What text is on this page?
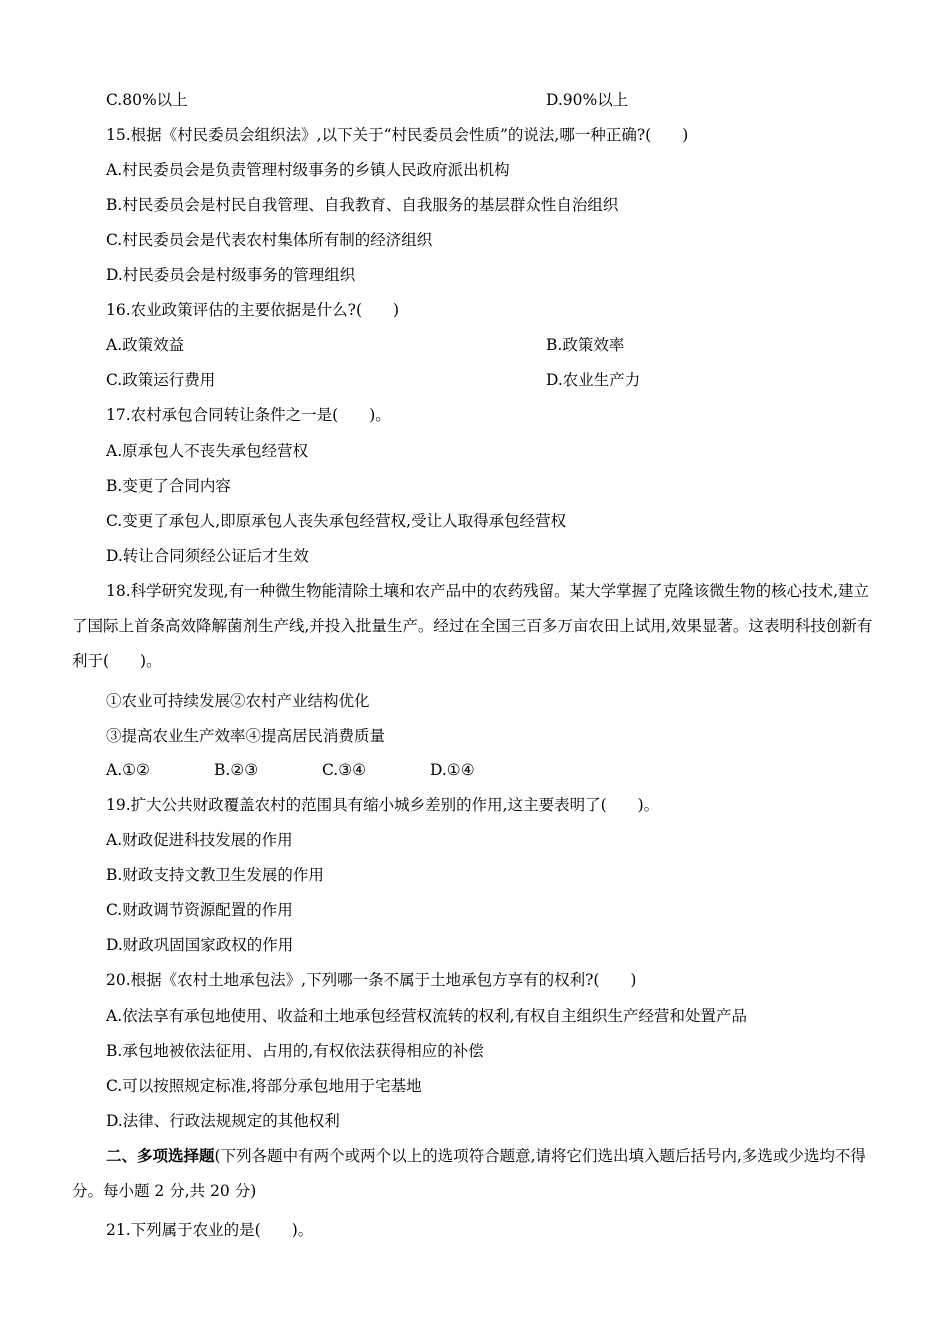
C.80%以上	D.90%以上
15.根据《村民委员会组织法》,以下关于“村民委员会性质”的说法,哪一种正确?(　　)
A.村民委员会是负责管理村级事务的乡镇人民政府派出机构
B.村民委员会是村民自我管理、自我教育、自我服务的基层群众性自治组织
C.村民委员会是代表农村集体所有制的经济组织
D.村民委员会是村级事务的管理组织
16.农业政策评估的主要依据是什么?(　　)
A.政策效益	B.政策效率
C.政策运行费用	D.农业生产力
17.农村承包合同转让条件之一是(　　)。
A.原承包人不丧失承包经营权
B.变更了合同内容
C.变更了承包人,即原承包人丧失承包经营权,受让人取得承包经营权
D.转让合同须经公证后才生效
18.科学研究发现,有一种微生物能清除土壤和农产品中的农药残留。某大学掌握了克隆该微生物的核心技术,建立了国际上首条高效降解菌剂生产线,并投入批量生产。经过在全国三百多万亩农田上试用,效果显著。这表明科技创新有利于(　　)。
①农业可持续发展②农村产业结构优化
③提高农业生产效率④提高居民消费质量
A.①②	B.②③	C.③④	D.①④
19.扩大公共财政覆盖农村的范围具有缩小城乡差别的作用,这主要表明了(　　)。
A.财政促进科技发展的作用
B.财政支持文教卫生发展的作用
C.财政调节资源配置的作用
D.财政巩固国家政权的作用
20.根据《农村土地承包法》,下列哪一条不属于土地承包方享有的权利?(　　)
A.依法享有承包地使用、收益和土地承包经营权流转的权利,有权自主组织生产经营和处置产品
B.承包地被依法征用、占用的,有权依法获得相应的补偿
C.可以按照规定标准,将部分承包地用于宅基地
D.法律、行政法规规定的其他权利
二、多项选择题(下列各题中有两个或两个以上的选项符合题意,请将它们选出填入题后括号内,多选或少选均不得分。每小题 2 分,共 20 分)
21.下列属于农业的是(　　)。
